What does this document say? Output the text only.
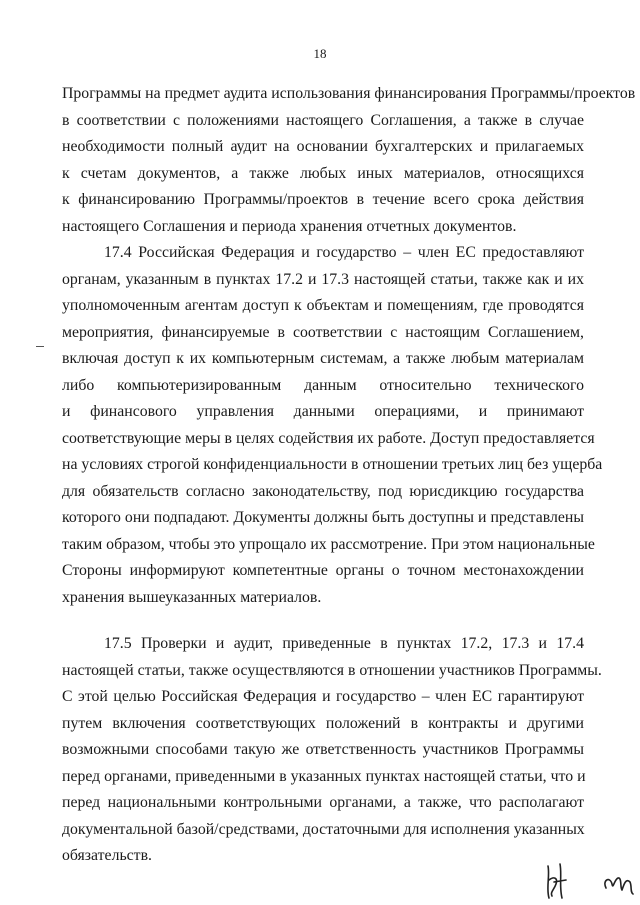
18
Программы на предмет аудита использования финансирования Программы/проектов
в соответствии с положениями настоящего Соглашения, а также в случае
необходимости полный аудит на основании бухгалтерских и прилагаемых
к счетам документов, а также любых иных материалов, относящихся
к финансированию Программы/проектов в течение всего срока действия
настоящего Соглашения и периода хранения отчетных документов.
17.4 Российская Федерация и государство – член ЕС предоставляют
органам, указанным в пунктах 17.2 и 17.3 настоящей статьи, также как и их
уполномоченным агентам доступ к объектам и помещениям, где проводятся
мероприятия, финансируемые в соответствии с настоящим Соглашением,
включая доступ к их компьютерным системам, а также любым материалам
либо компьютеризированным данным относительно технического
и финансового управления данными операциями, и принимают
соответствующие меры в целях содействия их работе. Доступ предоставляется
на условиях строгой конфиденциальности в отношении третьих лиц без ущерба
для обязательств согласно законодательству, под юрисдикцию государства
которого они подпадают. Документы должны быть доступны и представлены
таким образом, чтобы это упрощало их рассмотрение. При этом национальные
Стороны информируют компетентные органы о точном местонахождении
хранения вышеуказанных материалов.
17.5 Проверки и аудит, приведенные в пунктах 17.2, 17.3 и 17.4
настоящей статьи, также осуществляются в отношении участников Программы.
С этой целью Российская Федерация и государство – член ЕС гарантируют
путем включения соответствующих положений в контракты и другими
возможными способами такую же ответственность участников Программы
перед органами, приведенными в указанных пунктах настоящей статьи, что и
перед национальными контрольными органами, а также, что располагают
документальной базой/средствами, достаточными для исполнения указанных
обязательств.
